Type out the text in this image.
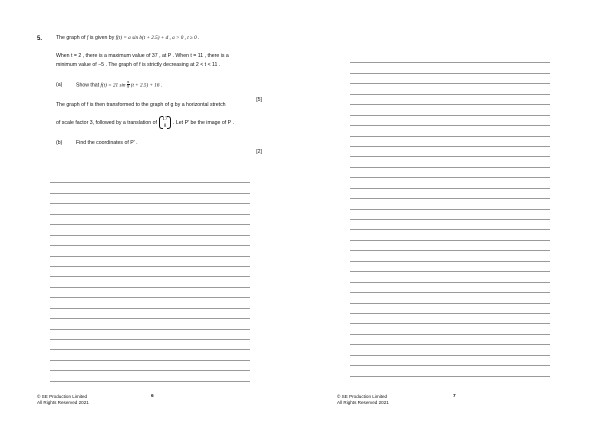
5.	The graph of f is given by f(t) = a sin b(t + 2.5) + d , a > 0 , t ≥ 0 .
When t = 2 , there is a maximum value of 37 , at P . When t = 11 , there is a
minimum value of −5 . The graph of f is strictly decreasing at 2 < t < 11 .
(a)	Show that f(t) = 21 $\sin \frac{\pi}{9} (t + 2.5) + 16$ .
[5]
The graph of f is then transformed to the graph of g by a horizontal stretch
of scale factor 3, followed by a translation of
17
8 . Let P′ be the image of P .
(b)	Find the coordinates of P′ .
[2]
© SE Production Limited
All Rights Reserved 2021
6	© SE Production Limited
All Rights Reserved 2021
7
